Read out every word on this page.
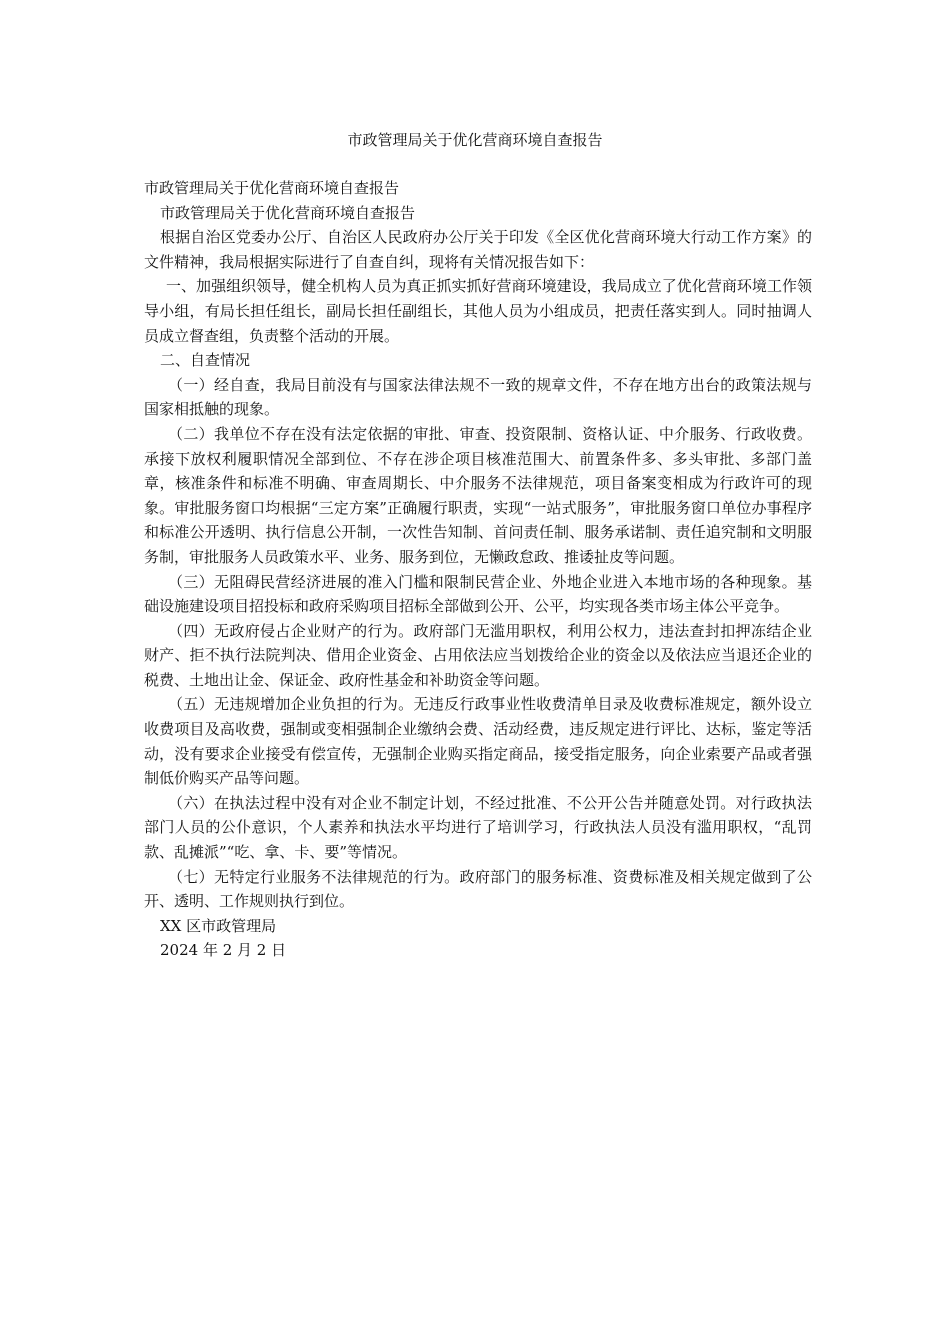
市政管理局关于优化营商环境自查报告

市政管理局关于优化营商环境自查报告

市政管理局关于优化营商环境自查报告

根据自治区党委办公厅、自治区人民政府办公厅关于印发《全区优化营商环境大行动工作方案》的文件精神，我局根据实际进行了自查自纠，现将有关情况报告如下：

一、加强组织领导，健全机构人员为真正抓实抓好营商环境建设，我局成立了优化营商环境工作领导小组，有局长担任组长，副局长担任副组长，其他人员为小组成员，把责任落实到人。同时抽调人员成立督查组，负责整个活动的开展。

二、自查情况

（一）经自查，我局目前没有与国家法律法规不一致的规章文件，不存在地方出台的政策法规与国家相抵触的现象。

（二）我单位不存在没有法定依据的审批、审查、投资限制、资格认证、中介服务、行政收费。承接下放权利履职情况全部到位、不存在涉企项目核准范围大、前置条件多、多头审批、多部门盖章，核准条件和标准不明确、审查周期长、中介服务不法律规范，项目备案变相成为行政许可的现象。审批服务窗口均根据“三定方案”正确履行职责，实现“一站式服务”，审批服务窗口单位办事程序和标准公开透明、执行信息公开制，一次性告知制、首问责任制、服务承诺制、责任追究制和文明服务制，审批服务人员政策水平、业务、服务到位，无懒政怠政、推诿扯皮等问题。

（三）无阻碍民营经济进展的准入门槛和限制民营企业、外地企业进入本地市场的各种现象。基础设施建设项目招投标和政府采购项目招标全部做到公开、公平，均实现各类市场主体公平竞争。

（四）无政府侵占企业财产的行为。政府部门无滥用职权，利用公权力，违法查封扣押冻结企业财产、拒不执行法院判决、借用企业资金、占用依法应当划拨给企业的资金以及依法应当退还企业的税费、土地出让金、保证金、政府性基金和补助资金等问题。

（五）无违规增加企业负担的行为。无违反行政事业性收费清单目录及收费标准规定，额外设立收费项目及高收费，强制或变相强制企业缴纳会费、活动经费，违反规定进行评比、达标，鉴定等活动，没有要求企业接受有偿宣传，无强制企业购买指定商品，接受指定服务，向企业索要产品或者强制低价购买产品等问题。

（六）在执法过程中没有对企业不制定计划，不经过批准、不公开公告并随意处罚。对行政执法部门人员的公仆意识，个人素养和执法水平均进行了培训学习，行政执法人员没有滥用职权，“乱罚款、乱摊派”“吃、拿、卡、要”等情况。

（七）无特定行业服务不法律规范的行为。政府部门的服务标准、资费标准及相关规定做到了公开、透明、工作规则执行到位。

XX 区市政管理局

2024 年 2 月 2 日
